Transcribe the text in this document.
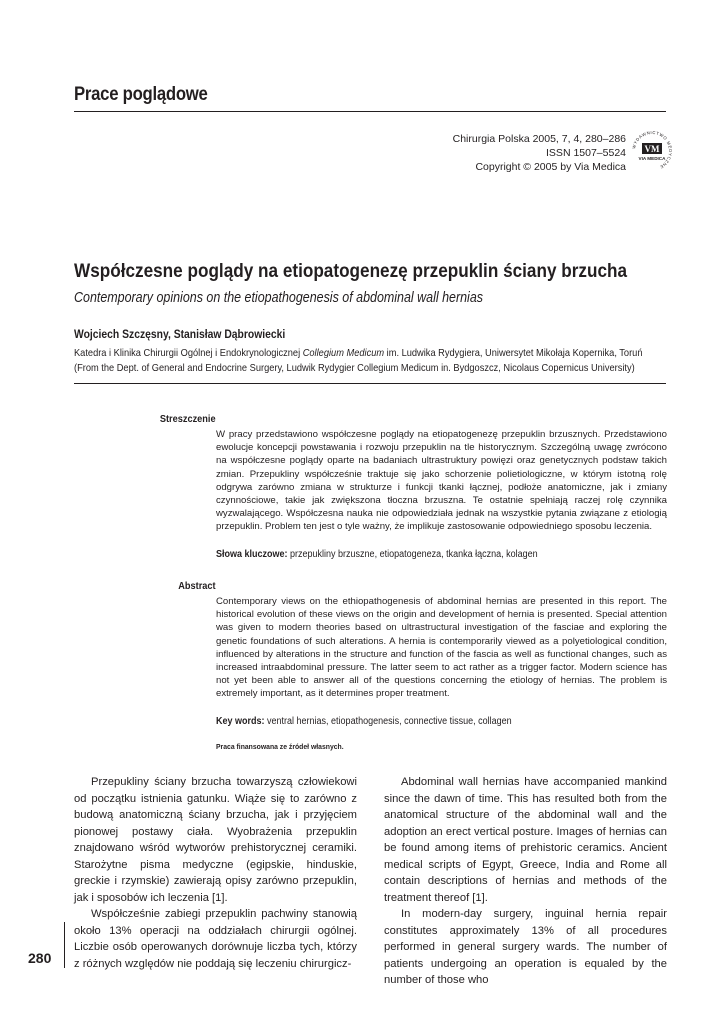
Prace poglądowe
Chirurgia Polska 2005, 7, 4, 280–286
ISSN 1507–5524
Copyright © 2005 by Via Medica
WYDAWNICTWO MEDYCZNE
VM
VIA MEDICA
Współczesne poglądy na etiopatogenezę przepuklin ściany brzucha
Contemporary opinions on the etiopathogenesis of abdominal wall hernias
Wojciech Szczęsny, Stanisław Dąbrowiecki
Katedra i Klinika Chirurgii Ogólnej i Endokrynologicznej Collegium Medicum im. Ludwika Rydygiera, Uniwersytet Mikołaja Kopernika, Toruń
(From the Dept. of General and Endocrine Surgery, Ludwik Rydygier Collegium Medicum in. Bydgoszcz, Nicolaus Copernicus University)
Streszczenie
W pracy przedstawiono współczesne poglądy na etiopatogenezę przepuklin brzusznych. Przedstawiono ewolucje koncepcji powstawania i rozwoju przepuklin na tle historycznym. Szczególną uwagę zwrócono na współczesne poglądy oparte na badaniach ultrastruktury powięzi oraz genetycznych podstaw takich zmian. Przepukliny współcześnie traktuje się jako schorzenie polietiologiczne, w którym istotną rolę odgrywa zarówno zmiana w strukturze i funkcji tkanki łącznej, podłoże anatomiczne, jak i zmiany czynnościowe, takie jak zwiększona tłoczna brzuszna. Te ostatnie spełniają raczej rolę czynnika wyzwalającego. Współczesna nauka nie odpowiedziała jednak na wszystkie pytania związane z etiologią przepuklin. Problem ten jest o tyle ważny, że implikuje zastosowanie odpowiedniego sposobu leczenia.
Słowa kluczowe: przepukliny brzuszne, etiopatogeneza, tkanka łączna, kolagen
Abstract
Contemporary views on the ethiopathogenesis of abdominal hernias are presented in this report. The historical evolution of these views on the origin and development of hernia is presented. Special attention was given to modern theories based on ultrastructural investigation of the fasciae and exploring the genetic foundations of such alterations. A hernia is contemporarily viewed as a polyetiological condition, influenced by alterations in the structure and function of the fascia as well as functional changes, such as increased intraabdominal pressure. The latter seem to act rather as a trigger factor. Modern science has not yet been able to answer all of the questions concerning the etiology of hernias. The problem is extremely important, as it determines proper treatment.
Key words: ventral hernias, etiopathogenesis, connective tissue, collagen
Praca finansowana ze źródeł własnych.

Przepukliny ściany brzucha towarzyszą człowiekowi od początku istnienia gatunku. Wiąże się to zarówno z budową anatomiczną ściany brzucha, jak i przyjęciem pionowej postawy ciała. Wyobrażenia przepuklin znajdowano wśród wytworów prehistorycznej ceramiki. Starożytne pisma medyczne (egipskie, hinduskie, greckie i rzymskie) zawierają opisy zarówno przepuklin, jak i sposobów ich leczenia [1].

Współcześnie zabiegi przepuklin pachwiny stanowią około 13% operacji na oddziałach chirurgii ogólnej. Liczbie osób operowanych dorównuje liczba tych, którzy z różnych względów nie poddają się leczeniu chirurgicz-

Abdominal wall hernias have accompanied mankind since the dawn of time. This has resulted both from the anatomical structure of the abdominal wall and the adoption an erect vertical posture. Images of hernias can be found among items of prehistoric ceramics. Ancient medical scripts of Egypt, Greece, India and Rome all contain descriptions of hernias and methods of the treatment thereof [1].

In modern-day surgery, inguinal hernia repair constitutes approximately 13% of all procedures performed in general surgery wards. The number of patients undergoing an operation is equaled by the number of those who

280
